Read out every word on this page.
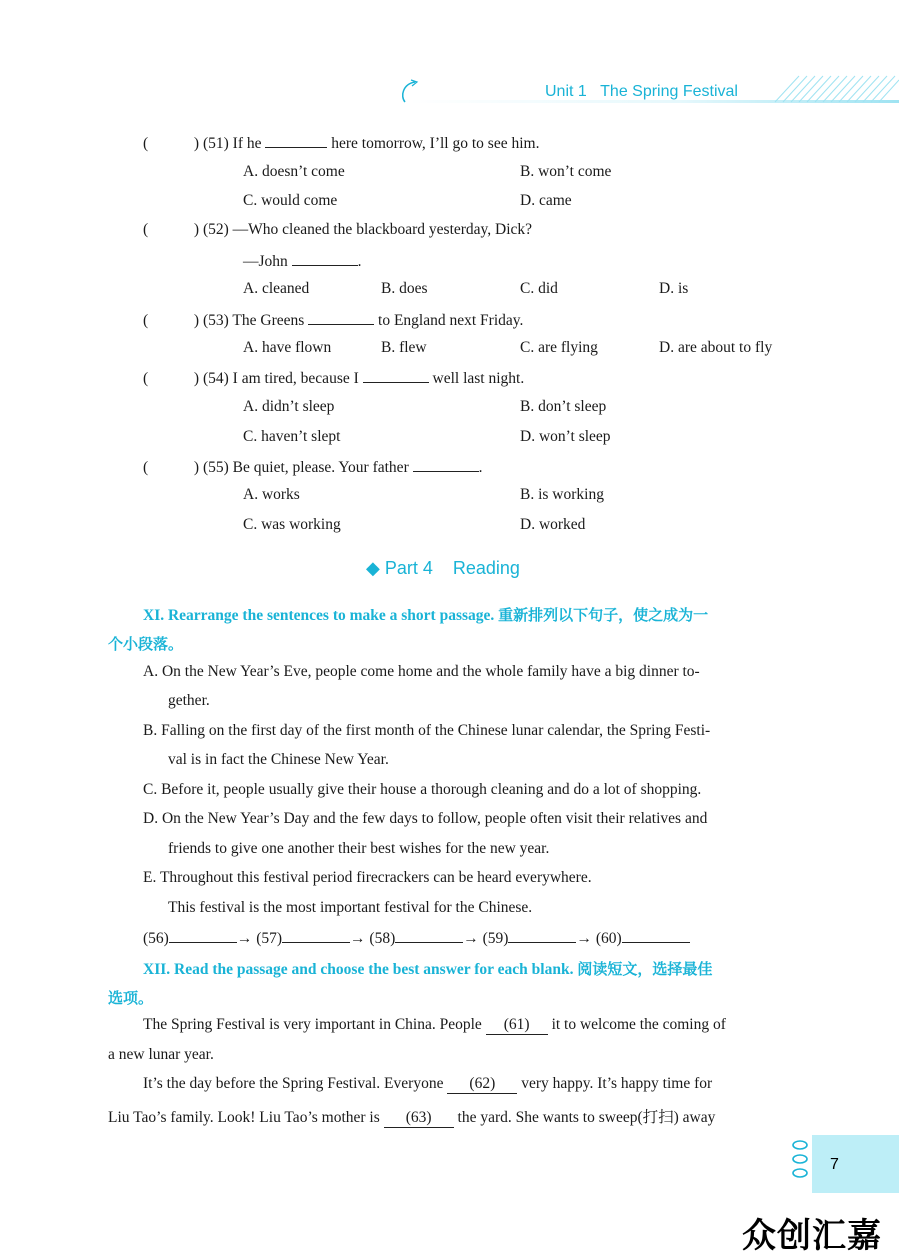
Unit 1 The Spring Festival
(	) (51) If he	here tomorrow, I’ll go to see him.
A. doesn’t come	B. won’t come
C. would come	D. came
(	) (52) —Who cleaned the blackboard yesterday, Dick?
—John	.
A. cleaned	B. does	C. did	D. is
(	) (53) The Greens	to England next Friday.
A. have flown	B. flew	C. are flying	D. are about to fly
(	) (54) I am tired, because I	well last night.
A. didn’t sleep	B. don’t sleep
C. haven’t slept	D. won’t sleep
(	) (55) Be quiet, please. Your father	.
A. works	B. is working
C. was working	D. worked
◆ Part 4    Reading
XI. Rearrange the sentences to make a short passage. 重新排列以下句子，使之成为一
个小段落。
A. On the New Year’s Eve, people come home and the whole family have a big dinner to-
gether.
B. Falling on the first day of the first month of the Chinese lunar calendar, the Spring Festi-
val is in fact the Chinese New Year.
C. Before it, people usually give their house a thorough cleaning and do a lot of shopping.
D. On the New Year’s Day and the few days to follow, people often visit their relatives and
friends to give one another their best wishes for the new year.
E. Throughout this festival period firecrackers can be heard everywhere.
This festival is the most important festival for the Chinese.
(56)	→ (57)	→ (58)	→ (59)	→ (60)
XII. Read the passage and choose the best answer for each blank. 阅读短文，选择最佳
选项。
The Spring Festival is very important in China. People (61) it to welcome the coming of
a new lunar year.
It’s the day before the Spring Festival. Everyone (62) very happy. It’s happy time for
Liu Tao’s family. Look! Liu Tao’s mother is (63) the yard. She wants to sweep(打扫) away
7
众创汇嘉
